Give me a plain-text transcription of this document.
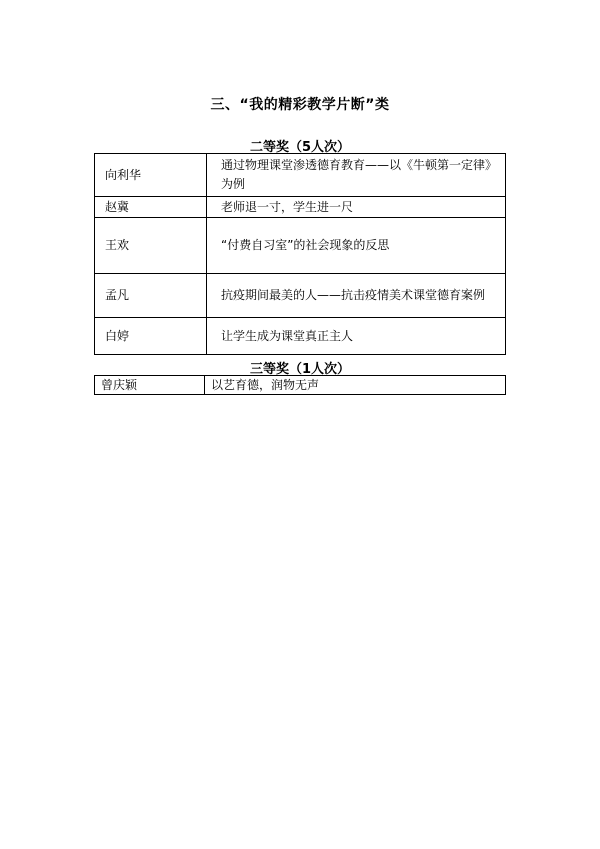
三、“我的精彩教学片断”类
二等奖（5人次）
向利华	通过物理课堂渗透德育教育——以《牛顿第一定律》为例
赵冀	老师退一寸，学生进一尺
王欢	“付费自习室”的社会现象的反思
孟凡	抗疫期间最美的人——抗击疫情美术课堂德育案例
白婷	让学生成为课堂真正主人
三等奖（1人次）
曾庆颖	以艺育德，润物无声
